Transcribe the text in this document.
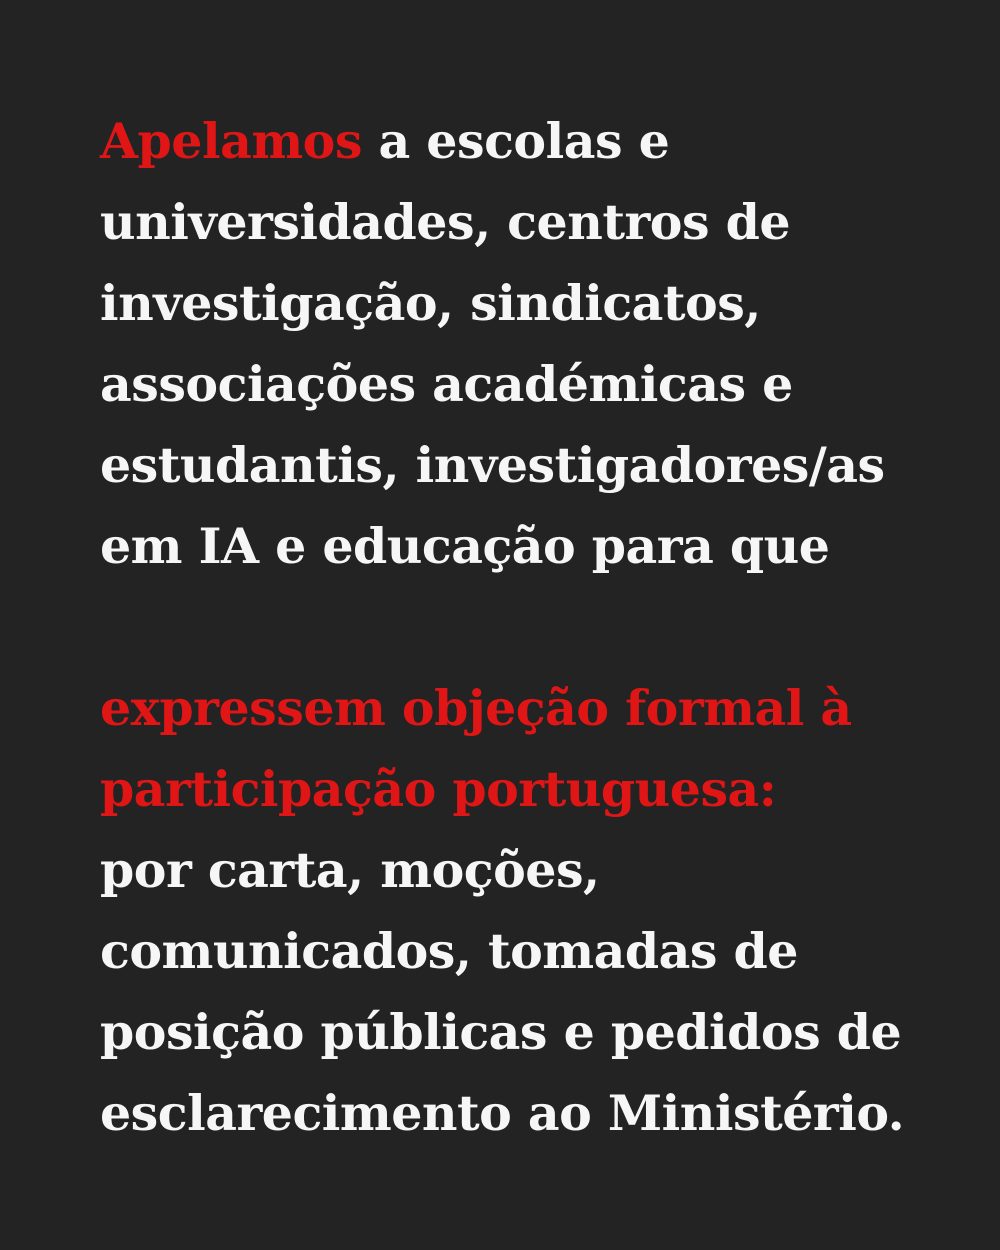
Apelamos a escolas e
universidades, centros de
investigação, sindicatos,
associações académicas e
estudantis, investigadores/as
em IA e educação para que
expressem objeção formal à
participação portuguesa:
por carta, moções,
comunicados, tomadas de
posição públicas e pedidos de
esclarecimento ao Ministério.
